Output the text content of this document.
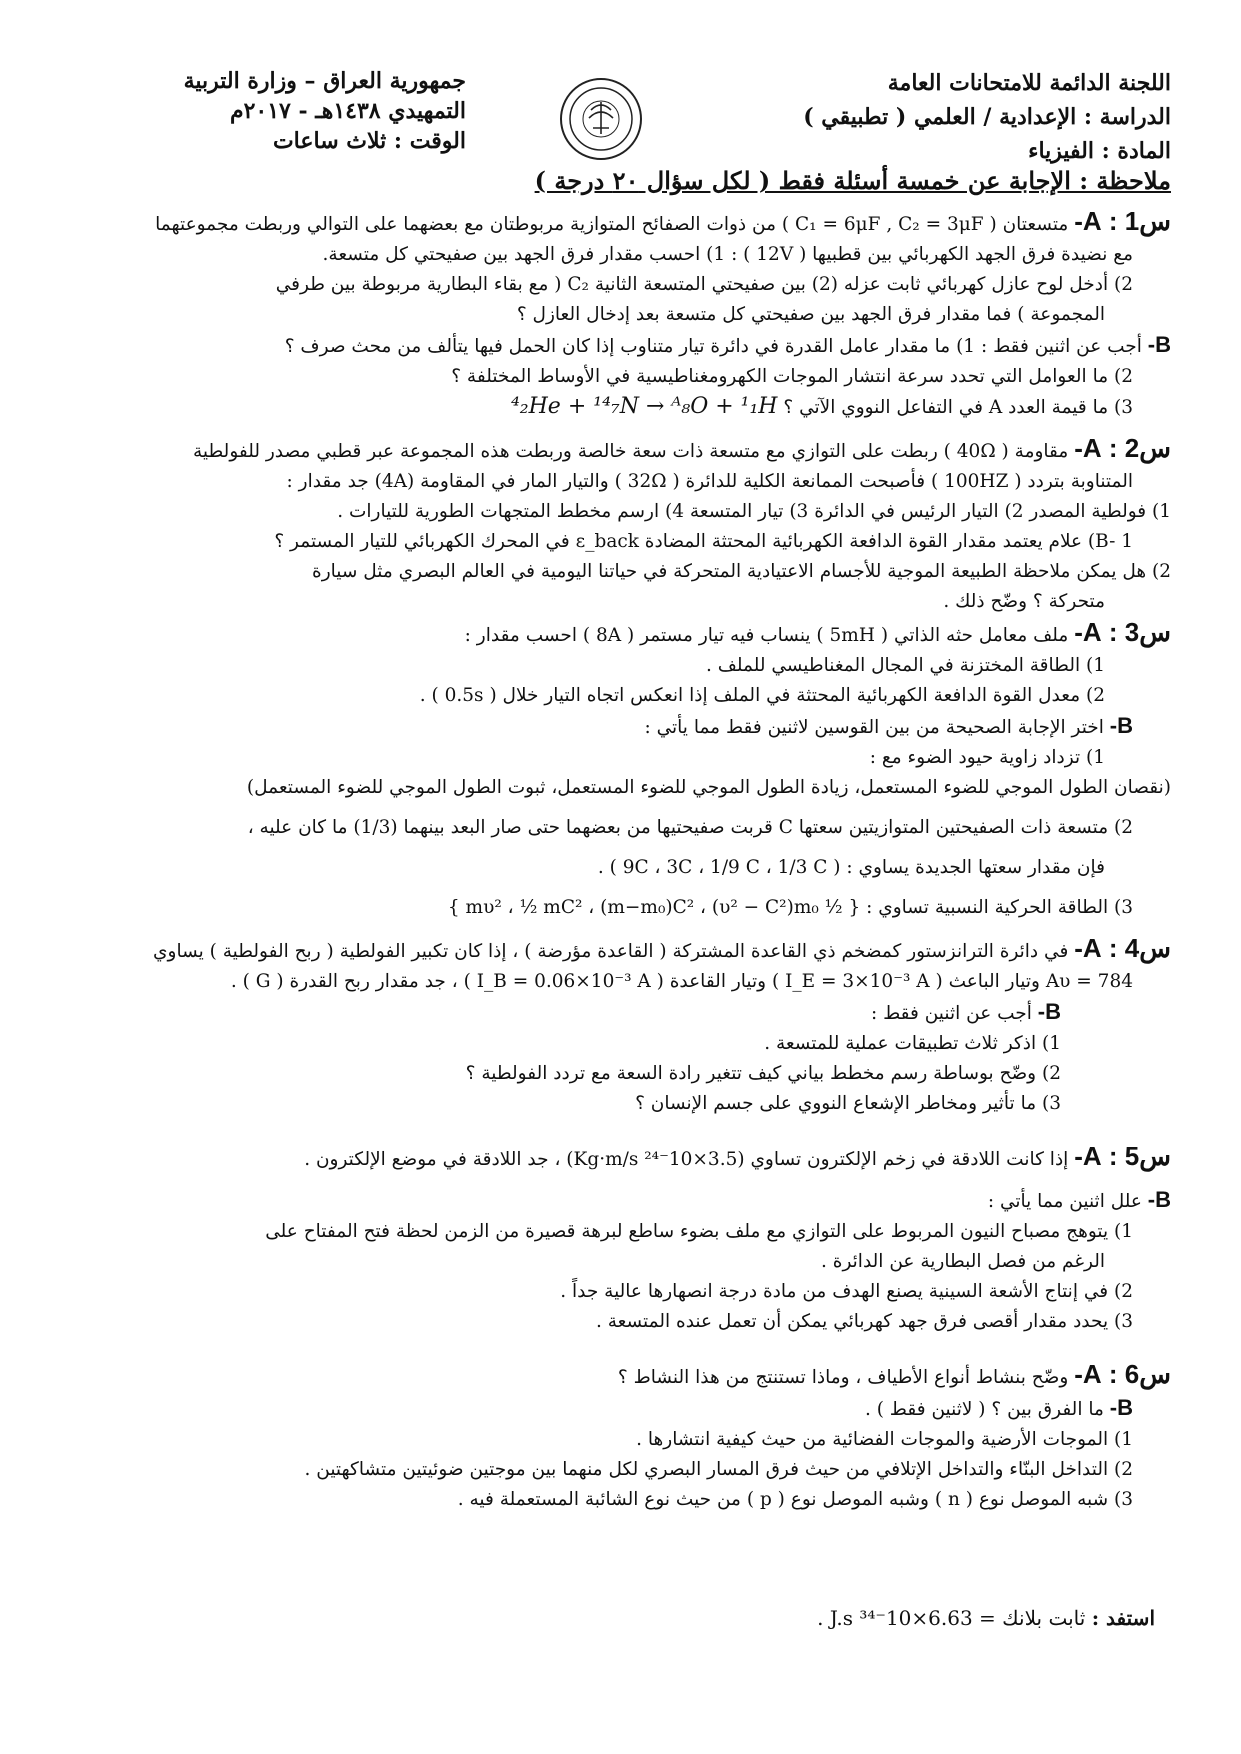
اللجنة الدائمة للامتحانات العامة
الدراسة : الإعدادية / العلمي ( تطبيقي )
المادة : الفيزياء
جمهورية العراق – وزارة التربية
التمهيدي ١٤٣٨هـ - ٢٠١٧م
الوقت : ثلاث ساعات
ملاحظة : الإجابة عن خمسة أسئلة فقط ( لكل سؤال ٢٠ درجة )

س1 : A- متسعتان ( C₁ = 6μF , C₂ = 3μF ) من ذوات الصفائح المتوازية مربوطتان مع بعضهما على التوالي وربطت مجموعتهما

مع نضيدة فرق الجهد الكهربائي بين قطبيها ( 12V ) : 1) احسب مقدار فرق الجهد بين صفيحتي كل متسعة.

2) أدخل لوح عازل كهربائي ثابت عزله (2) بين صفيحتي المتسعة الثانية C₂ ( مع بقاء البطارية مربوطة بين طرفي

المجموعة ) فما مقدار فرق الجهد بين صفيحتي كل متسعة بعد إدخال العازل ؟

B- أجب عن اثنين فقط : 1) ما مقدار عامل القدرة في دائرة تيار متناوب إذا كان الحمل فيها يتألف من محث صرف ؟

2) ما العوامل التي تحدد سرعة انتشار الموجات الكهرومغناطيسية في الأوساط المختلفة ؟

3) ما قيمة العدد A في التفاعل النووي الآتي ؟ ⁴₂He + ¹⁴₇N → ᴬ₈O + ¹₁H

س2 : A- مقاومة ( 40Ω ) ربطت على التوازي مع متسعة ذات سعة خالصة وربطت هذه المجموعة عبر قطبي مصدر للفولطية

المتناوبة بتردد ( 100HZ ) فأصبحت الممانعة الكلية للدائرة ( 32Ω ) والتيار المار في المقاومة (4A) جد مقدار :

1) فولطية المصدر 2) التيار الرئيس في الدائرة 3) تيار المتسعة 4) ارسم مخطط المتجهات الطورية للتيارات .

B- 1) علام يعتمد مقدار القوة الدافعة الكهربائية المحتثة المضادة ε_back في المحرك الكهربائي للتيار المستمر ؟

2) هل يمكن ملاحظة الطبيعة الموجية للأجسام الاعتيادية المتحركة في حياتنا اليومية في العالم البصري مثل سيارة

متحركة ؟ وضّح ذلك .

س3 : A- ملف معامل حثه الذاتي ( 5mH ) ينساب فيه تيار مستمر ( 8A ) احسب مقدار :

1) الطاقة المختزنة في المجال المغناطيسي للملف .

2) معدل القوة الدافعة الكهربائية المحتثة في الملف إذا انعكس اتجاه التيار خلال ( 0.5s ) .

B- اختر الإجابة الصحيحة من بين القوسين لاثنين فقط مما يأتي :

1) تزداد زاوية حيود الضوء مع :

(نقصان الطول الموجي للضوء المستعمل، زيادة الطول الموجي للضوء المستعمل، ثبوت الطول الموجي للضوء المستعمل)

2) متسعة ذات الصفيحتين المتوازيتين سعتها C قربت صفيحتيها من بعضهما حتى صار البعد بينهما (1/3) ما كان عليه ،

فإن مقدار سعتها الجديدة يساوي : ( 9C ، 3C ، 1/9 C ، 1/3 C ) .

3) الطاقة الحركية النسبية تساوي : { ½ mυ² ، ½ mC² ، (m−m₀)C² ، (υ² − C²)m₀ }

س4 : A- في دائرة الترانزستور كمضخم ذي القاعدة المشتركة ( القاعدة مؤرضة ) ، إذا كان تكبير الفولطية ( ربح الفولطية ) يساوي

Aυ = 784 وتيار الباعث ( I_E = 3×10⁻³ A ) وتيار القاعدة ( I_B = 0.06×10⁻³ A ) ، جد مقدار ربح القدرة ( G ) .

B- أجب عن اثنين فقط :

1) اذكر ثلاث تطبيقات عملية للمتسعة .

2) وضّح بوساطة رسم مخطط بياني كيف تتغير رادة السعة مع تردد الفولطية ؟

3) ما تأثير ومخاطر الإشعاع النووي على جسم الإنسان ؟

س5 : A- إذا كانت اللادقة في زخم الإلكترون تساوي (3.5×10⁻²⁴ Kg·m/s) ، جد اللادقة في موضع الإلكترون .

B- علل اثنين مما يأتي :

1) يتوهج مصباح النيون المربوط على التوازي مع ملف بضوء ساطع لبرهة قصيرة من الزمن لحظة فتح المفتاح على

الرغم من فصل البطارية عن الدائرة .

2) في إنتاج الأشعة السينية يصنع الهدف من مادة درجة انصهارها عالية جداً .

3) يحدد مقدار أقصى فرق جهد كهربائي يمكن أن تعمل عنده المتسعة .

س6 : A- وضّح بنشاط أنواع الأطياف ، وماذا تستنتج من هذا النشاط ؟

B- ما الفرق بين ؟ ( لاثنين فقط ) .

1) الموجات الأرضية والموجات الفضائية من حيث كيفية انتشارها .

2) التداخل البنّاء والتداخل الإتلافي من حيث فرق المسار البصري لكل منهما بين موجتين ضوئيتين متشاكهتين .

3) شبه الموصل نوع ( n ) وشبه الموصل نوع ( p ) من حيث نوع الشائبة المستعملة فيه .

استفد : ثابت بلانك = 6.63×10⁻³⁴ J.s .
